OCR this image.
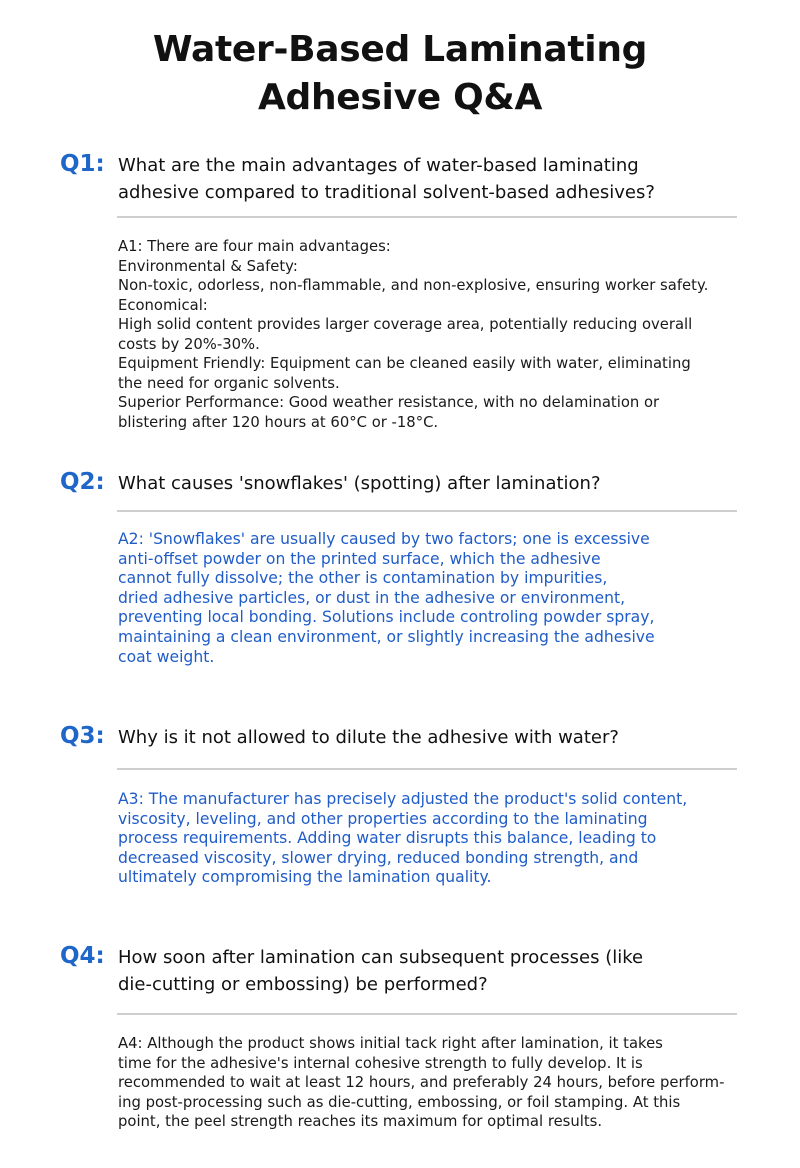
Water-Based Laminating
Adhesive Q&A
Q1: What are the main advantages of water-based laminating
adhesive compared to traditional solvent-based adhesives?
A1: There are four main advantages:
Environmental & Safety:
Non-toxic, odorless, non-flammable, and non-explosive, ensuring worker safety.
Economical:
High solid content provides larger coverage area, potentially reducing overall
costs by 20%-30%.
Equipment Friendly: Equipment can be cleaned easily with water, eliminating
the need for organic solvents.
Superior Performance: Good weather resistance, with no delamination or
blistering after 120 hours at 60°C or -18°C.
Q2: What causes 'snowflakes' (spotting) after lamination?
A2: 'Snowflakes' are usually caused by two factors; one is excessive
anti-offset powder on the printed surface, which the adhesive
cannot fully dissolve; the other is contamination by impurities,
dried adhesive particles, or dust in the adhesive or environment,
preventing local bonding. Solutions include controling powder spray,
maintaining a clean environment, or slightly increasing the adhesive
coat weight.
Q3: Why is it not allowed to dilute the adhesive with water?
A3: The manufacturer has precisely adjusted the product's solid content,
viscosity, leveling, and other properties according to the laminating
process requirements. Adding water disrupts this balance, leading to
decreased viscosity, slower drying, reduced bonding strength, and
ultimately compromising the lamination quality.
Q4: How soon after lamination can subsequent processes (like
die-cutting or embossing) be performed?
A4: Although the product shows initial tack right after lamination, it takes
time for the adhesive's internal cohesive strength to fully develop. It is
recommended to wait at least 12 hours, and preferably 24 hours, before perform-
ing post-processing such as die-cutting, embossing, or foil stamping. At this
point, the peel strength reaches its maximum for optimal results.
